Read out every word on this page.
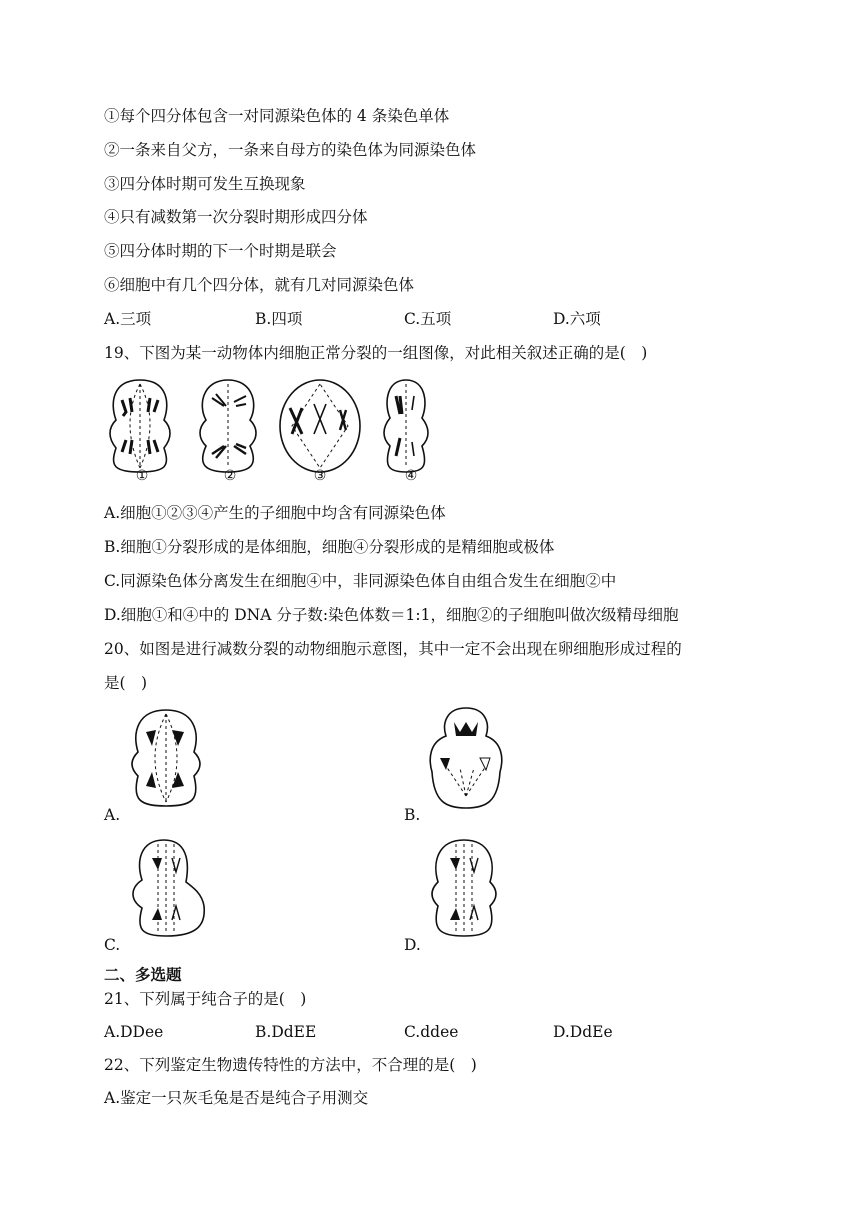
①每个四分体包含一对同源染色体的 4 条染色单体
②一条来自父方，一条来自母方的染色体为同源染色体
③四分体时期可发生互换现象
④只有减数第一次分裂时期形成四分体
⑤四分体时期的下一个时期是联会
⑥细胞中有几个四分体，就有几对同源染色体
A.三项	B.四项	C.五项	D.六项
19、下图为某一动物体内细胞正常分裂的一组图像，对此相关叙述正确的是(　)
①	②	③	④
A.细胞①②③④产生的子细胞中均含有同源染色体
B.细胞①分裂形成的是体细胞，细胞④分裂形成的是精细胞或极体
C.同源染色体分离发生在细胞④中，非同源染色体自由组合发生在细胞②中
D.细胞①和④中的 DNA 分子数:染色体数＝1:1，细胞②的子细胞叫做次级精母细胞
20、如图是进行减数分裂的动物细胞示意图，其中一定不会出现在卵细胞形成过程的
是(　)
A.	B.
C.	D.
二、多选题
21、下列属于纯合子的是(　)
A.DDee	B.DdEE	C.ddee	D.DdEe
22、下列鉴定生物遗传特性的方法中，不合理的是(　)
A.鉴定一只灰毛兔是否是纯合子用测交
